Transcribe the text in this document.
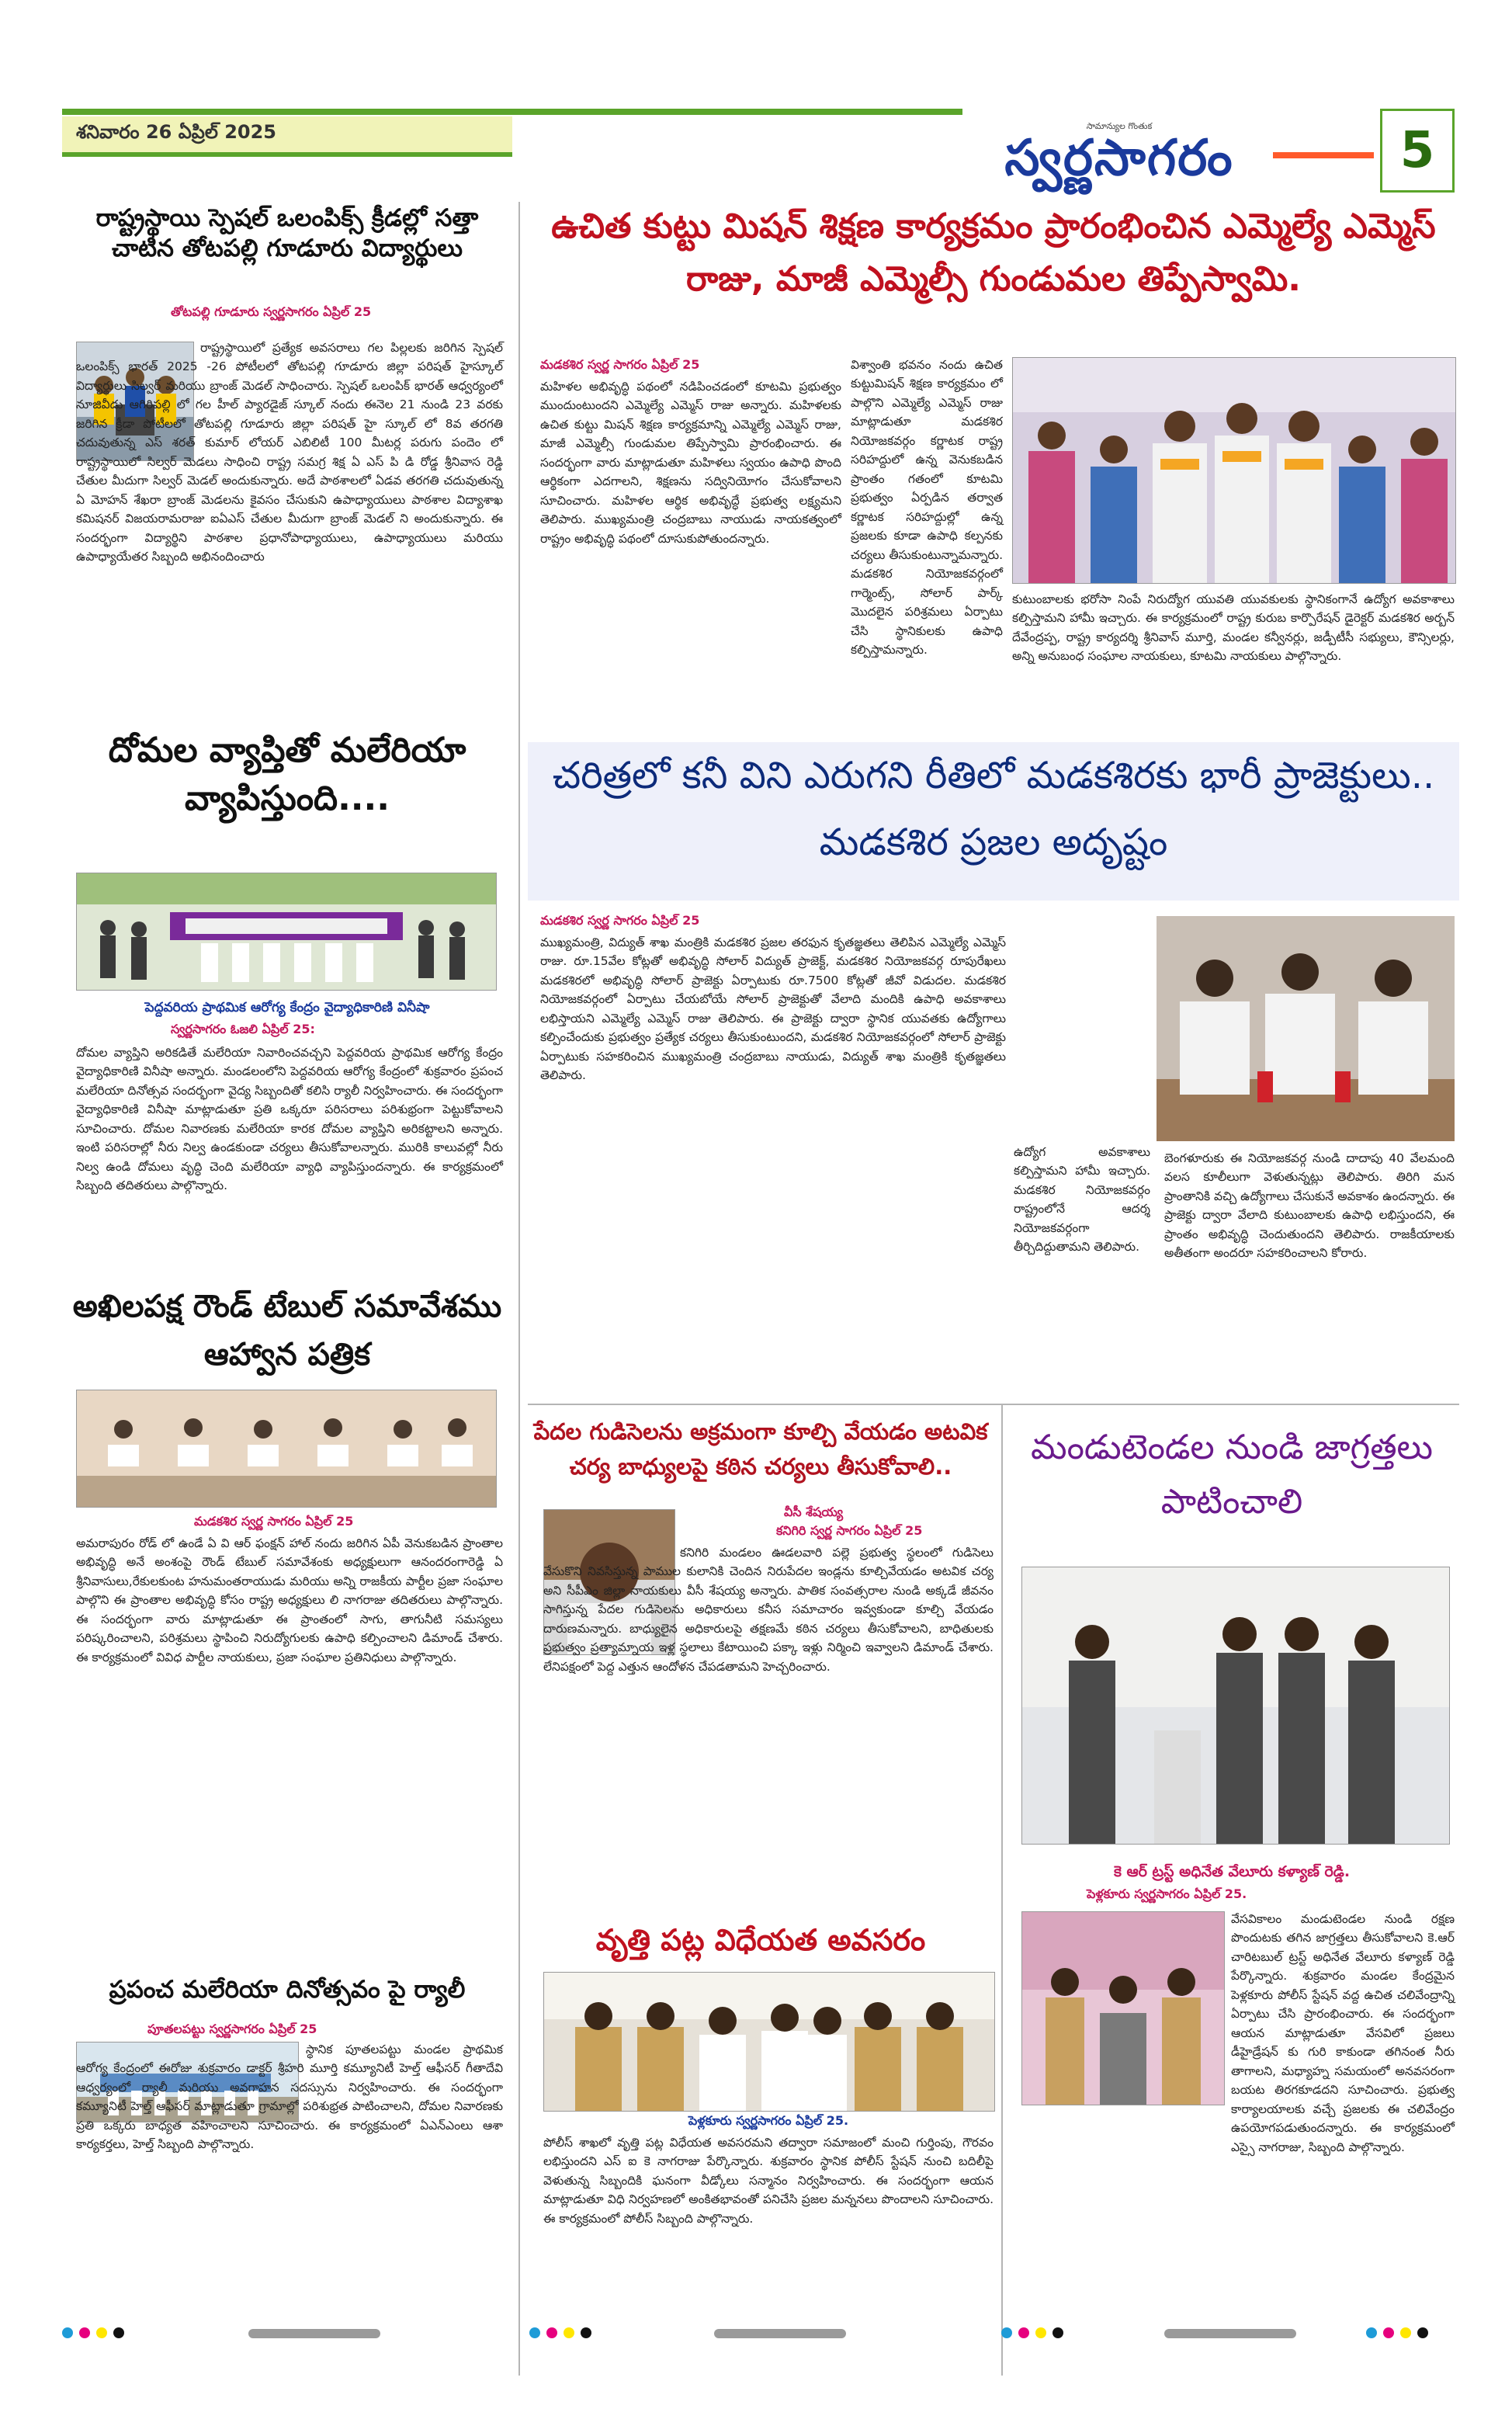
శనివారం 26 ఏప్రిల్ 2025	సామాన్యుల గొంతుక
స్వర్ణసాగరం	5
రాష్ట్రస్థాయి స్పెషల్ ఒలంపిక్స్ క్రీడల్లో సత్తా చాటిన తోటపల్లి గూడూరు విద్యార్థులు
తోటపల్లి గూడూరు స్వర్ణసాగరం ఏప్రిల్ 25
రాష్ట్రస్థాయిలో ప్రత్యేక అవసరాలు గల పిల్లలకు జరిగిన స్పెషల్ ఒలంపిక్స్ భారత్ 2025 -26 పోటీలలో తోటపల్లి గూడూరు జిల్లా పరిషత్ హైస్కూల్ విద్యార్థులు సిల్వర్ మరియు బ్రాంజ్ మెడల్ సాధించారు. స్పెషల్ ఒలంపిక్ భారత్ ఆధ్వర్యంలో నూజివీడు ఆగిరిపల్లి లో గల హీల్ ప్యారడైజ్ స్కూల్ నందు ఈనెల 21 నుండి 23 వరకు జరిగిన క్రీడా పోటీలలో తోటపల్లి గూడూరు జిల్లా పరిషత్ హై స్కూల్ లో 8వ తరగతి చదువుతున్న ఎస్ శరత్ కుమార్ లోయర్ ఎబిలిటీ 100 మీటర్ల పరుగు పందెం లో రాష్ట్రస్థాయిలో సిల్వర్ మెడలు సాధించి రాష్ట్ర సమగ్ర శిక్ష ఏ ఎస్ పి డి రోడ్డ శ్రీనివాస రెడ్డి చేతుల మీదుగా సిల్వర్ మెడల్ అందుకున్నారు. అదే పాఠశాలలో ఏడవ తరగతి చదువుతున్న ఏ మోహన్ శేఖరా బ్రాంజ్ మెడలను కైవసం చేసుకుని ఉపాధ్యాయులు పాఠశాల విద్యాశాఖ కమిషనర్ విజయరామరాజు ఐఏఎస్ చేతుల మీదుగా బ్రాంజ్ మెడల్ ని అందుకున్నారు. ఈ సందర్భంగా విద్యార్థిని పాఠశాల ప్రధానోపాధ్యాయులు, ఉపాధ్యాయులు మరియు ఉపాధ్యాయేతర సిబ్బంది అభినందించారు
దోమల వ్యాప్తితో మలేరియా వ్యాపిస్తుంది....
పెద్దవరియ ప్రాథమిక ఆరోగ్య కేంద్రం వైద్యాధికారిణి వినీషా
స్వర్ణసాగరం ఓజలి ఏప్రిల్ 25:
దోమల వ్యాప్తిని అరికడితే మలేరియా నివారించవచ్చని పెద్దవరియ ప్రాథమిక ఆరోగ్య కేంద్రం వైద్యాధికారిణి వినీషా అన్నారు. మండలంలోని పెద్దవరియ ఆరోగ్య కేంద్రంలో శుక్రవారం ప్రపంచ మలేరియా దినోత్సవ సందర్భంగా వైద్య సిబ్బందితో కలిసి ర్యాలీ నిర్వహించారు. ఈ సందర్భంగా వైద్యాధికారిణి వినీషా మాట్లాడుతూ ప్రతి ఒక్కరూ పరిసరాలు పరిశుభ్రంగా పెట్టుకోవాలని సూచించారు. దోమల నివారణకు మలేరియా కారక దోమల వ్యాప్తిని అరికట్టాలని అన్నారు. ఇంటి పరిసరాల్లో నీరు నిల్వ ఉండకుండా చర్యలు తీసుకోవాలన్నారు. మురికి కాలువల్లో నీరు నిల్వ ఉండి దోమలు వృద్ధి చెంది మలేరియా వ్యాధి వ్యాపిస్తుందన్నారు. ఈ కార్యక్రమంలో సిబ్బంది తదితరులు పాల్గొన్నారు.
అఖిలపక్ష రౌండ్ టేబుల్ సమావేశము ఆహ్వాన పత్రిక
మడకశిర స్వర్ణ సాగరం ఏప్రిల్ 25
అమరాపురం రోడ్ లో ఉండే ఏ వి ఆర్ ఫంక్షన్ హాల్ నందు జరిగిన ఏపీ వెనుకబడిన ప్రాంతాల అభివృద్ధి అనే అంశంపై రౌండ్ టేబుల్ సమావేశంకు అధ్యక్షులుగా ఆనందరంగారెడ్డి ఏ శ్రీనివాసులు,రేకులకుంట హనుమంతరాయుడు మరియు అన్ని రాజకీయ పార్టీల ప్రజా సంఘాల పాల్గొని ఈ ప్రాంతాల అభివృద్ధి కోసం రాష్ట్ర అధ్యక్షులు లి నాగరాజు తదితరులు పాల్గొన్నారు. ఈ సందర్భంగా వారు మాట్లాడుతూ ఈ ప్రాంతంలో సాగు, తాగునీటి సమస్యలు పరిష్కరించాలని, పరిశ్రమలు స్థాపించి నిరుద్యోగులకు ఉపాధి కల్పించాలని డిమాండ్ చేశారు. ఈ కార్యక్రమంలో వివిధ పార్టీల నాయకులు, ప్రజా సంఘాల ప్రతినిధులు పాల్గొన్నారు.
ప్రపంచ మలేరియా దినోత్సవం పై ర్యాలీ
పూతలపట్టు స్వర్ణసాగరం ఏప్రిల్ 25
స్థానిక పూతలపట్టు మండల ప్రాథమిక ఆరోగ్య కేంద్రంలో ఈరోజు శుక్రవారం డాక్టర్ శ్రీహరి మూర్తి కమ్యూనిటీ హెల్త్ ఆఫీసర్ గీతాదేవి ఆధ్వర్యంలో ర్యాలీ మరియు అవగాహన సదస్సును నిర్వహించారు. ఈ సందర్భంగా కమ్యూనిటీ హెల్త్ ఆఫీసర్ మాట్లాడుతూ గ్రామాల్లో పరిశుభ్రత పాటించాలని, దోమల నివారణకు ప్రతి ఒక్కరు బాధ్యత వహించాలని సూచించారు. ఈ కార్యక్రమంలో ఏఎన్ఎంలు ఆశా కార్యకర్తలు, హెల్త్ సిబ్బంది పాల్గొన్నారు.
ఉచిత కుట్టు మిషన్ శిక్షణ కార్యక్రమం ప్రారంభించిన ఎమ్మెల్యే ఎమ్మెస్ రాజు, మాజీ ఎమ్మెల్సీ గుండుమల తిప్పేస్వామి.
మడకశిర స్వర్ణ సాగరం ఏప్రిల్ 25
మహిళల అభివృద్ధి పథంలో నడిపించడంలో కూటమి ప్రభుత్వం ముందుంటుందని ఎమ్మెల్యే ఎమ్మెస్ రాజు అన్నారు. మహిళలకు ఉచిత కుట్టు మిషన్ శిక్షణ కార్యక్రమాన్ని ఎమ్మెల్యే ఎమ్మెస్ రాజు, మాజీ ఎమ్మెల్సీ గుండుమల తిప్పేస్వామి ప్రారంభించారు. ఈ సందర్భంగా వారు మాట్లాడుతూ మహిళలు స్వయం ఉపాధి పొంది ఆర్థికంగా ఎదగాలని, శిక్షణను సద్వినియోగం చేసుకోవాలని సూచించారు. మహిళల ఆర్థిక అభివృద్ధే ప్రభుత్వ లక్ష్యమని తెలిపారు. ముఖ్యమంత్రి చంద్రబాబు నాయుడు నాయకత్వంలో రాష్ట్రం అభివృద్ధి పథంలో దూసుకుపోతుందన్నారు.
విశ్వాంతి భవనం నందు ఉచిత కుట్టుమిషన్ శిక్షణ కార్యక్రమం లో పాల్గొని ఎమ్మెల్యే ఎమ్మెస్ రాజు మాట్లాడుతూ మడకశిర నియోజకవర్గం కర్ణాటక రాష్ట్ర సరిహద్దులో ఉన్న వెనుకబడిన ప్రాంతం గతంలో కూటమి ప్రభుత్వం ఏర్పడిన తర్వాత కర్ణాటక సరిహద్దుల్లో ఉన్న ప్రజలకు కూడా ఉపాధి కల్పనకు చర్యలు తీసుకుంటున్నామన్నారు. మడకశిర నియోజకవర్గంలో గార్మెంట్స్, సోలార్ పార్క్ మొదలైన పరిశ్రమలు ఏర్పాటు చేసి స్థానికులకు ఉపాధి కల్పిస్తామన్నారు.
కుటుంబాలకు భరోసా నింపే నిరుద్యోగ యువతి యువకులకు స్థానికంగానే ఉద్యోగ అవకాశాలు కల్పిస్తామని హామీ ఇచ్చారు. ఈ కార్యక్రమంలో రాష్ట్ర కురుబ కార్పొరేషన్ డైరెక్టర్ మడకశిర అర్బన్ దేవేంద్రప్ప, రాష్ట్ర కార్యదర్శి శ్రీనివాస్ మూర్తి, మండల కన్వీనర్లు, జడ్పీటీసీ సభ్యులు, కౌన్సిలర్లు, అన్ని అనుబంధ సంఘాల నాయకులు, కూటమి నాయకులు పాల్గొన్నారు.
చరిత్రలో కనీ విని ఎరుగని రీతిలో మడకశిరకు భారీ ప్రాజెక్టులు.. మడకశిర ప్రజల అదృష్టం
మడకశిర స్వర్ణ సాగరం ఏప్రిల్ 25
ముఖ్యమంత్రి, విద్యుత్ శాఖ మంత్రికి మడకశిర ప్రజల తరఫున కృతజ్ఞతలు తెలిపిన ఎమ్మెల్యే ఎమ్మెస్ రాజు. రూ.15వేల కోట్లతో అభివృద్ధి సోలార్ విద్యుత్ ప్రాజెక్ట్, మడకశిర నియోజకవర్గ రూపురేఖలు మడకశిరలో అభివృద్ధి సోలార్ ప్రాజెక్టు ఏర్పాటుకు రూ.7500 కోట్లతో జీవో విడుదల. మడకశిర నియోజకవర్గంలో ఏర్పాటు చేయబోయే సోలార్ ప్రాజెక్టుతో వేలాది మందికి ఉపాధి అవకాశాలు లభిస్తాయని ఎమ్మెల్యే ఎమ్మెస్ రాజు తెలిపారు. ఈ ప్రాజెక్టు ద్వారా స్థానిక యువతకు ఉద్యోగాలు కల్పించేందుకు ప్రభుత్వం ప్రత్యేక చర్యలు తీసుకుంటుందని, మడకశిర నియోజకవర్గంలో సోలార్ ప్రాజెక్టు ఏర్పాటుకు సహకరించిన ముఖ్యమంత్రి చంద్రబాబు నాయుడు, విద్యుత్ శాఖ మంత్రికి కృతజ్ఞతలు తెలిపారు.
ఉద్యోగ అవకాశాలు కల్పిస్తామని హామీ ఇచ్చారు. మడకశిర నియోజకవర్గం రాష్ట్రంలోనే ఆదర్శ నియోజకవర్గంగా తీర్చిదిద్దుతామని తెలిపారు.
బెంగళూరుకు ఈ నియోజకవర్గ నుండి దాదాపు 40 వేలమంది వలస కూలీలుగా వెళుతున్నట్లు తెలిపారు. తిరిగి మన ప్రాంతానికి వచ్చి ఉద్యోగాలు చేసుకునే అవకాశం ఉందన్నారు. ఈ ప్రాజెక్టు ద్వారా వేలాది కుటుంబాలకు ఉపాధి లభిస్తుందని, ఈ ప్రాంతం అభివృద్ధి చెందుతుందని తెలిపారు. రాజకీయాలకు అతీతంగా అందరూ సహకరించాలని కోరారు.
పేదల గుడిసెలను అక్రమంగా కూల్చి వేయడం అటవిక చర్య బాధ్యులపై కఠిన చర్యలు తీసుకోవాలి..
వీసీ శేషయ్య
కనిగిరి స్వర్ణ సాగరం ఏప్రిల్ 25
కనిగిరి మండలం ఊడలవారి పల్లె ప్రభుత్వ స్థలంలో గుడిసెలు వేసుకొని నివసిస్తున్న పాముల కులానికి చెందిన నిరుపేదల ఇండ్లను కూల్చివేయడం అటవిక చర్య అని సీపీఎం జిల్లా నాయకులు వీసీ శేషయ్య అన్నారు. పాతిక సంవత్సరాల నుండి అక్కడే జీవనం సాగిస్తున్న పేదల గుడిసెలను అధికారులు కనీస సమాచారం ఇవ్వకుండా కూల్చి వేయడం దారుణమన్నారు. బాధ్యులైన అధికారులపై తక్షణమే కఠిన చర్యలు తీసుకోవాలని, బాధితులకు ప్రభుత్వం ప్రత్యామ్నాయ ఇళ్ల స్థలాలు కేటాయించి పక్కా ఇళ్లు నిర్మించి ఇవ్వాలని డిమాండ్ చేశారు. లేనిపక్షంలో పెద్ద ఎత్తున ఆందోళన చేపడతామని హెచ్చరించారు.
వృత్తి పట్ల విధేయత అవసరం
పెళ్లకూరు స్వర్ణసాగరం ఏప్రిల్ 25.
పోలీస్ శాఖలో వృత్తి పట్ల విధేయత అవసరమని తద్వారా సమాజంలో మంచి గుర్తింపు, గౌరవం లభిస్తుందని ఎస్ ఐ కె నాగరాజు పేర్కొన్నారు. శుక్రవారం స్థానిక పోలీస్ స్టేషన్ నుంచి బదిలీపై వెళుతున్న సిబ్బందికి ఘనంగా వీడ్కోలు సన్మానం నిర్వహించారు. ఈ సందర్భంగా ఆయన మాట్లాడుతూ విధి నిర్వహణలో అంకితభావంతో పనిచేసి ప్రజల మన్ననలు పొందాలని సూచించారు. ఈ కార్యక్రమంలో పోలీస్ సిబ్బంది పాల్గొన్నారు.
మండుటెండల నుండి జాగ్రత్తలు పాటించాలి
కె ఆర్ ట్రస్ట్ అధినేత వేలూరు కళ్యాణ్ రెడ్డి.
పెళ్లకూరు స్వర్ణసాగరం ఏప్రిల్ 25.
వేసవికాలం మండుటెండల నుండి రక్షణ పొందుటకు తగిన జాగ్రత్తలు తీసుకోవాలని కె.ఆర్ చారిటబుల్ ట్రస్ట్ అధినేత వేలూరు కళ్యాణ్ రెడ్డి పేర్కొన్నారు. శుక్రవారం మండల కేంద్రమైన పెళ్లకూరు పోలీస్ స్టేషన్ వద్ద ఉచిత చలివేంద్రాన్ని ఏర్పాటు చేసి ప్రారంభించారు. ఈ సందర్భంగా ఆయన మాట్లాడుతూ వేసవిలో ప్రజలు డీహైడ్రేషన్ కు గురి కాకుండా తగినంత నీరు తాగాలని, మధ్యాహ్న సమయంలో అనవసరంగా బయట తిరగకూడదని సూచించారు. ప్రభుత్వ కార్యాలయాలకు వచ్చే ప్రజలకు ఈ చలివేంద్రం ఉపయోగపడుతుందన్నారు. ఈ కార్యక్రమంలో ఎస్సై నాగరాజు, సిబ్బంది పాల్గొన్నారు.
